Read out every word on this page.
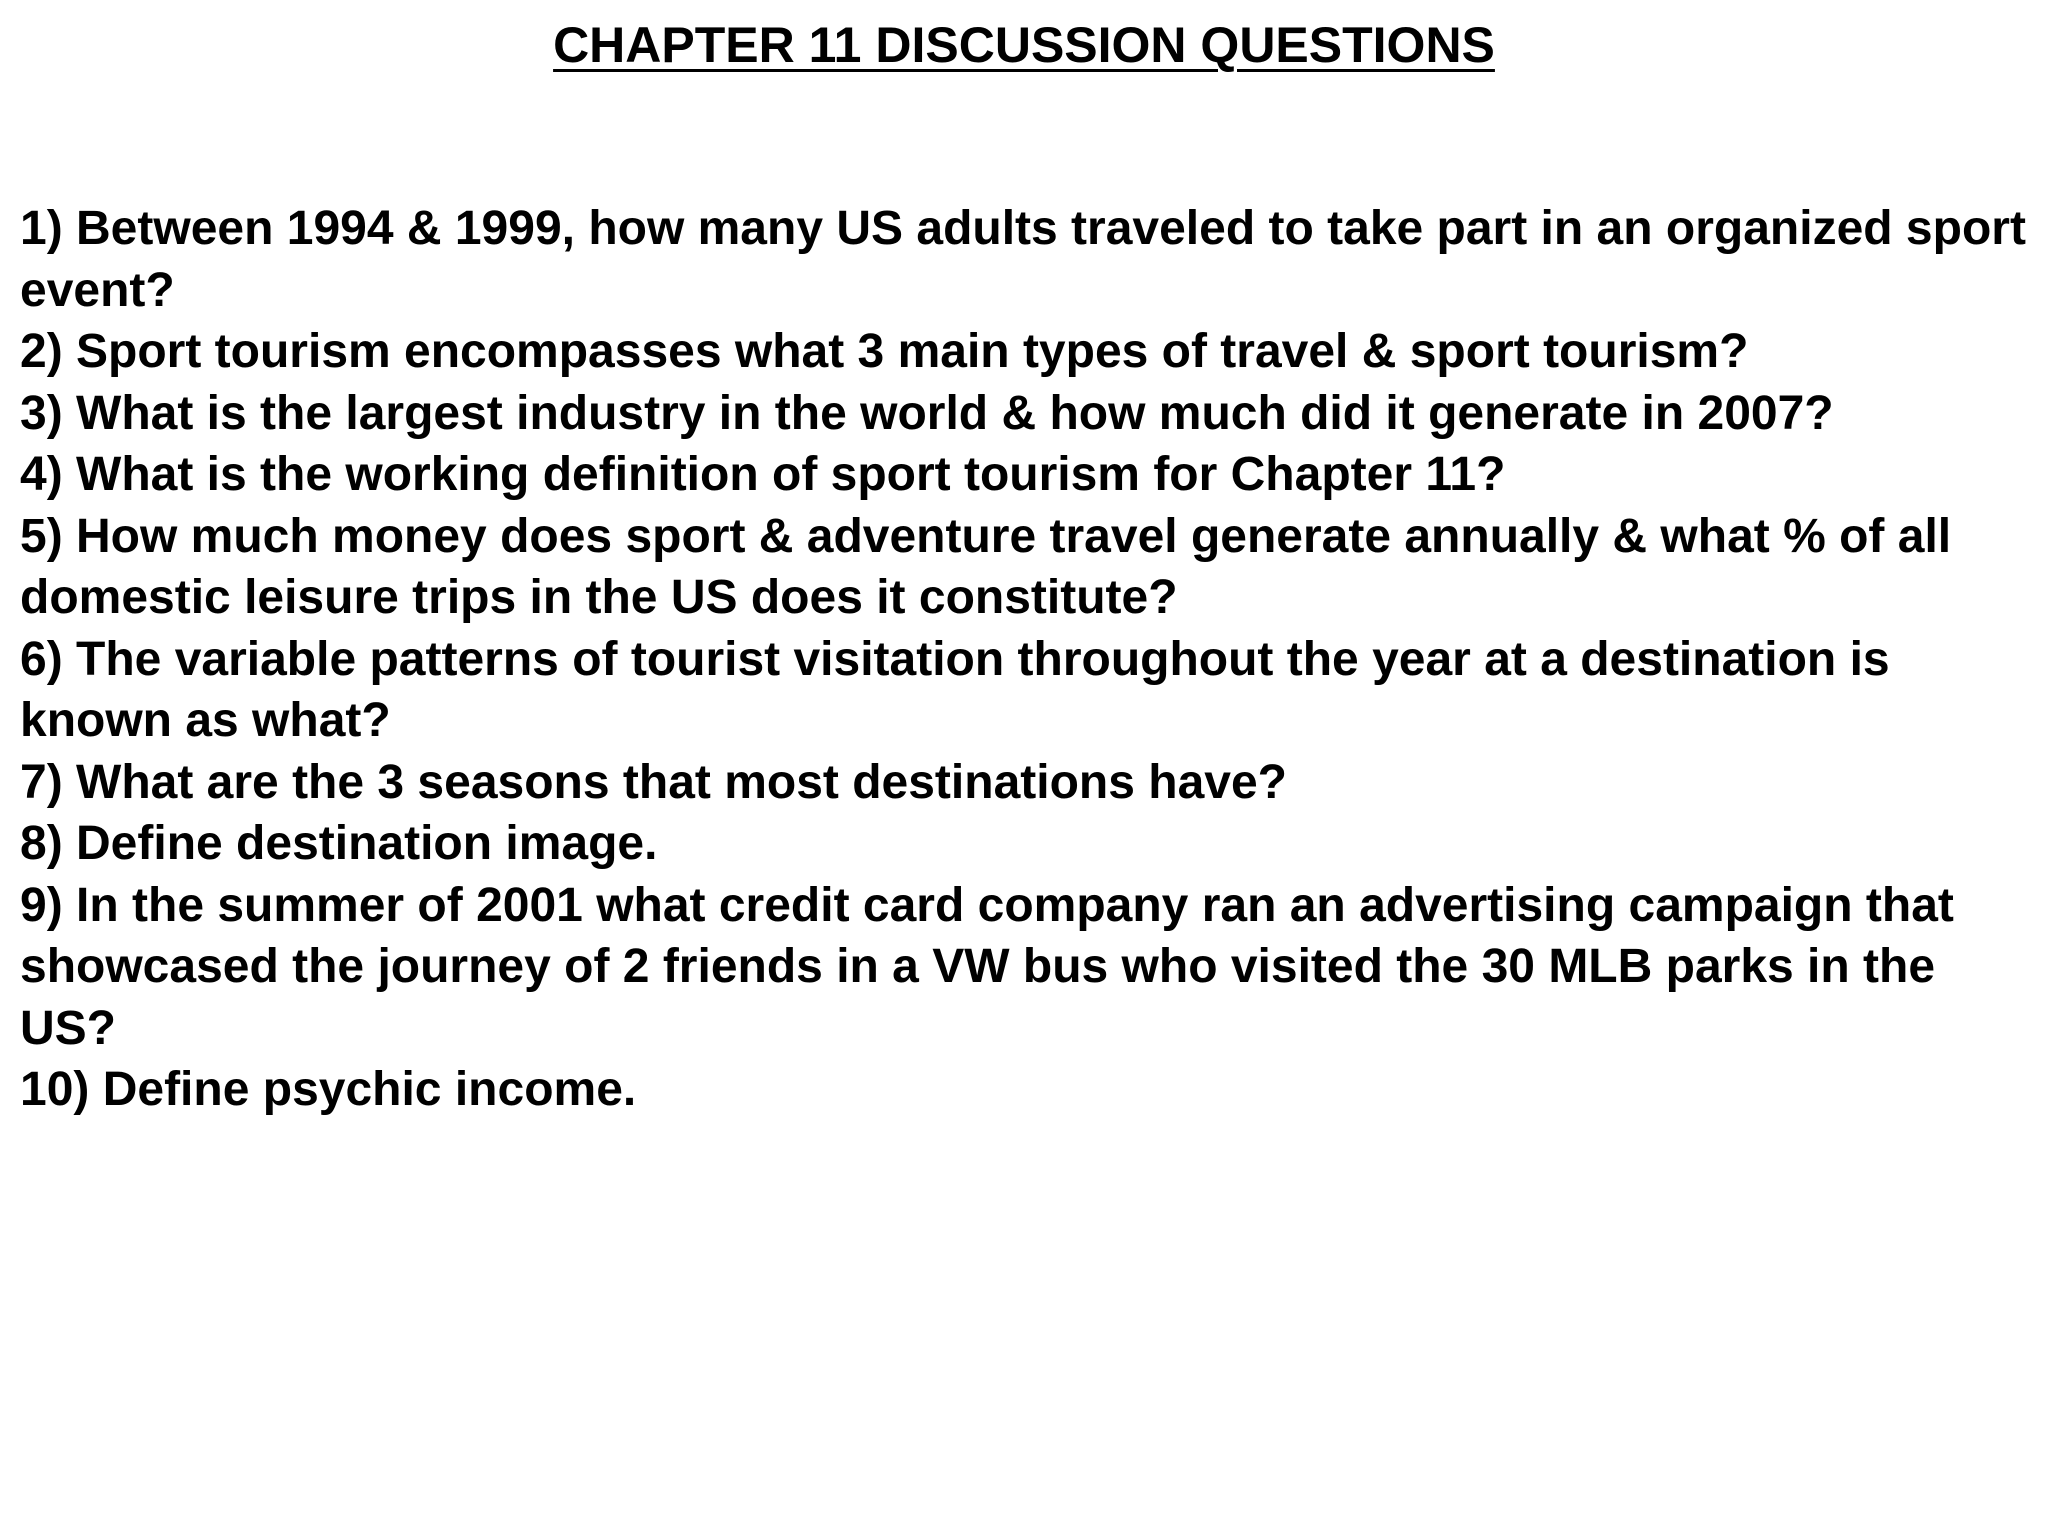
CHAPTER 11 DISCUSSION QUESTIONS
1) Between 1994 & 1999, how many US adults traveled to take part in an organized sport event?
2) Sport tourism encompasses what 3 main types of travel & sport tourism?
3) What is the largest industry in the world & how much did it generate in 2007?
4) What is the working definition of sport tourism for Chapter 11?
5) How much money does sport & adventure travel generate annually & what % of all domestic leisure trips in the US does it constitute?
6) The variable patterns of tourist visitation throughout the year at a destination is known as what?
7) What are the 3 seasons that most destinations have?
8) Define destination image.
9) In the summer of 2001 what credit card company ran an advertising campaign that showcased the journey of 2 friends in a VW bus who visited the 30 MLB parks in the US?
10) Define psychic income.
